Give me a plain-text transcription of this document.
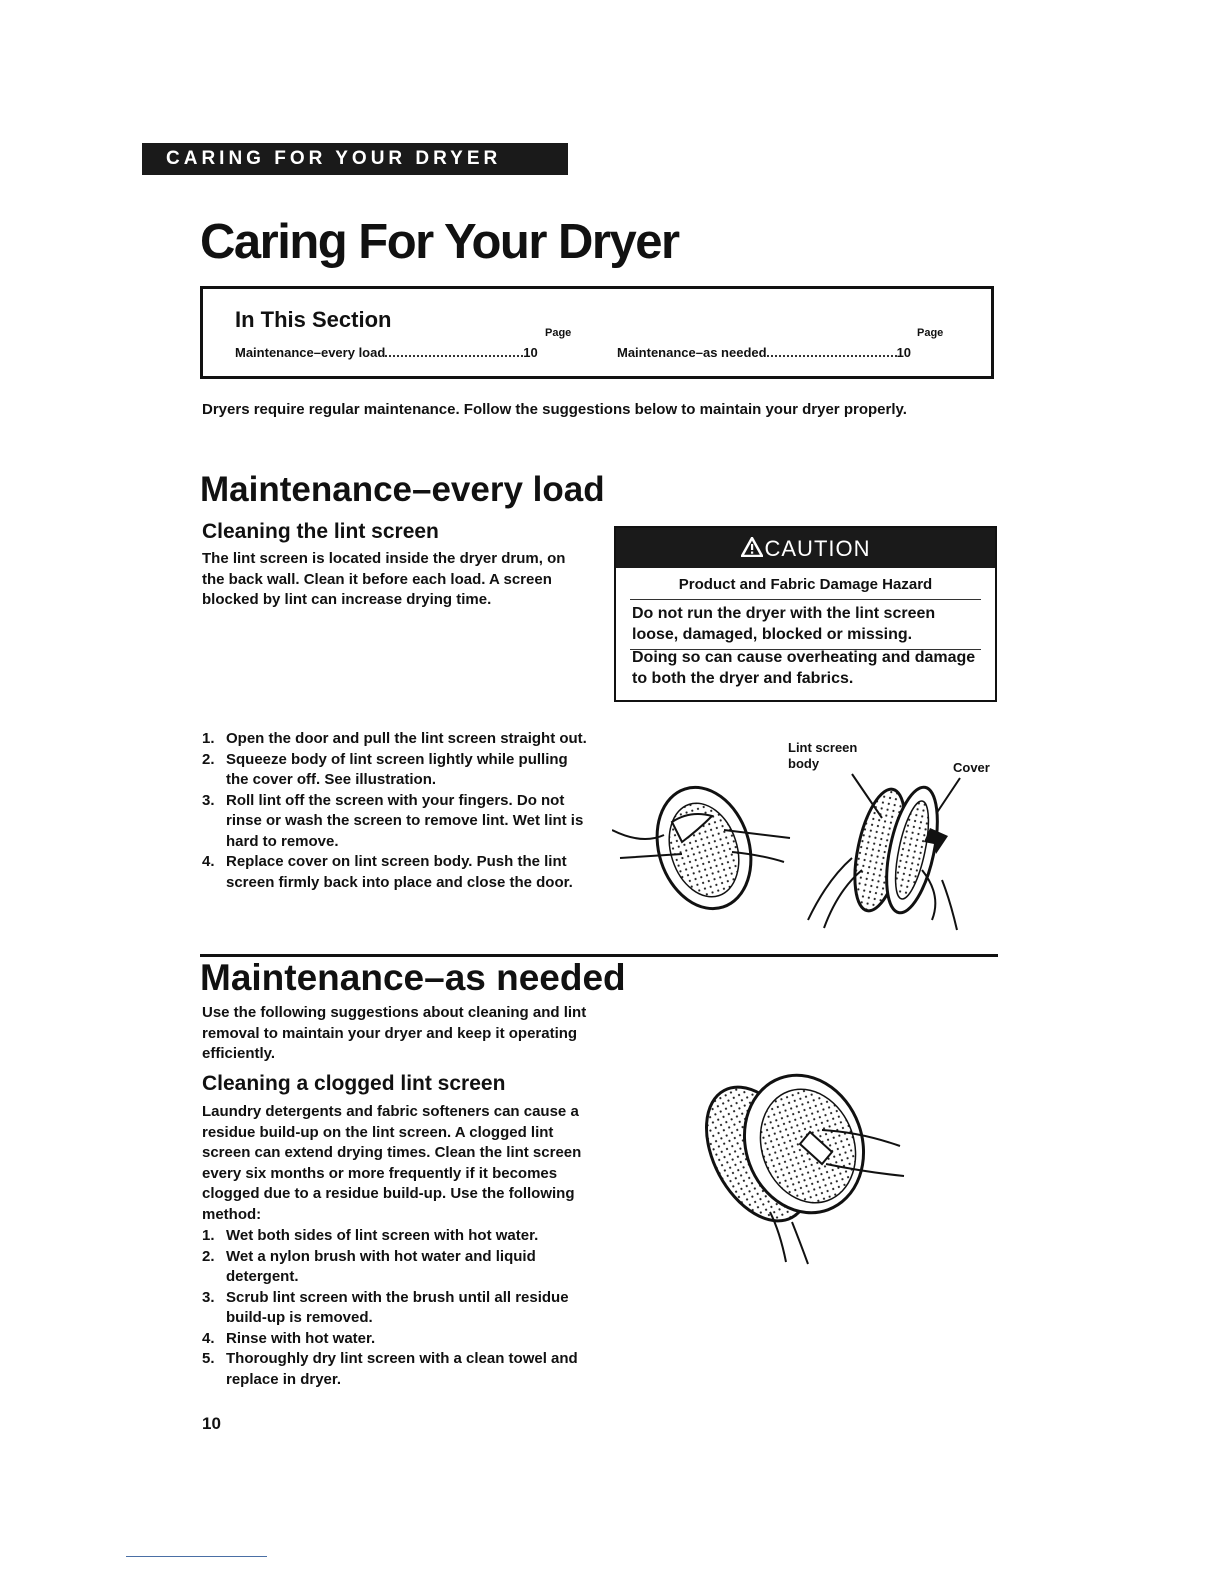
CARING FOR YOUR DRYER
Caring For Your Dryer
In This Section
Page	Page
Maintenance–every load	10	Maintenance–as needed	10
Dryers require regular maintenance. Follow the suggestions below to maintain your dryer properly.
Maintenance–every load
Cleaning the lint screen
The lint screen is located inside the dryer drum, on the back wall. Clean it before each load. A screen blocked by lint can increase drying time.
CAUTION
Product and Fabric Damage Hazard
Do not run the dryer with the lint screen loose, damaged, blocked or missing.
Doing so can cause overheating and damage to both the dryer and fabrics.
1. Open the door and pull the lint screen straight out.
2. Squeeze body of lint screen lightly while pulling the cover off. See illustration.
3. Roll lint off the screen with your fingers. Do not rinse or wash the screen to remove lint. Wet lint is hard to remove.
4. Replace cover on lint screen body. Push the lint screen firmly back into place and close the door.
Lint screen body	Cover
Maintenance–as needed
Use the following suggestions about cleaning and lint removal to maintain your dryer and keep it operating efficiently.
Cleaning a clogged lint screen
Laundry detergents and fabric softeners can cause a residue build-up on the lint screen. A clogged lint screen can extend drying times. Clean the lint screen every six months or more frequently if it becomes clogged due to a residue build-up. Use the following method:
1. Wet both sides of lint screen with hot water.
2. Wet a nylon brush with hot water and liquid detergent.
3. Scrub lint screen with the brush until all residue build-up is removed.
4. Rinse with hot water.
5. Thoroughly dry lint screen with a clean towel and replace in dryer.
10
